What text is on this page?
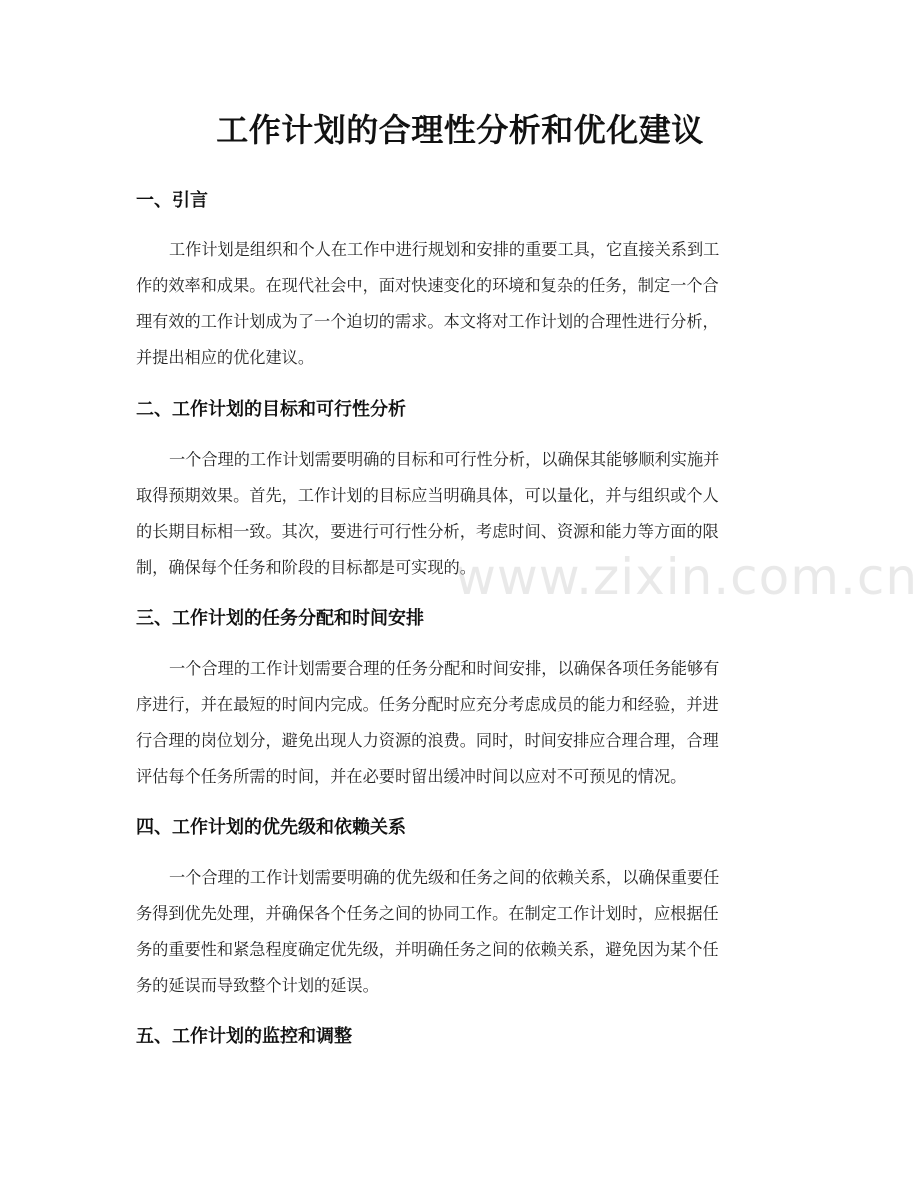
工作计划的合理性分析和优化建议
一、引言

工作计划是组织和个人在工作中进行规划和安排的重要工具，它直接关系到工
作的效率和成果。在现代社会中，面对快速变化的环境和复杂的任务，制定一个合
理有效的工作计划成为了一个迫切的需求。本文将对工作计划的合理性进行分析，
并提出相应的优化建议。

二、工作计划的目标和可行性分析

一个合理的工作计划需要明确的目标和可行性分析，以确保其能够顺利实施并
取得预期效果。首先，工作计划的目标应当明确具体，可以量化，并与组织或个人
的长期目标相一致。其次，要进行可行性分析，考虑时间、资源和能力等方面的限
制，确保每个任务和阶段的目标都是可实现的。

三、工作计划的任务分配和时间安排

一个合理的工作计划需要合理的任务分配和时间安排，以确保各项任务能够有
序进行，并在最短的时间内完成。任务分配时应充分考虑成员的能力和经验，并进
行合理的岗位划分，避免出现人力资源的浪费。同时，时间安排应合理合理，合理
评估每个任务所需的时间，并在必要时留出缓冲时间以应对不可预见的情况。

四、工作计划的优先级和依赖关系

一个合理的工作计划需要明确的优先级和任务之间的依赖关系，以确保重要任
务得到优先处理，并确保各个任务之间的协同工作。在制定工作计划时，应根据任
务的重要性和紧急程度确定优先级，并明确任务之间的依赖关系，避免因为某个任
务的延误而导致整个计划的延误。

五、工作计划的监控和调整
www.zixin.com.cn
